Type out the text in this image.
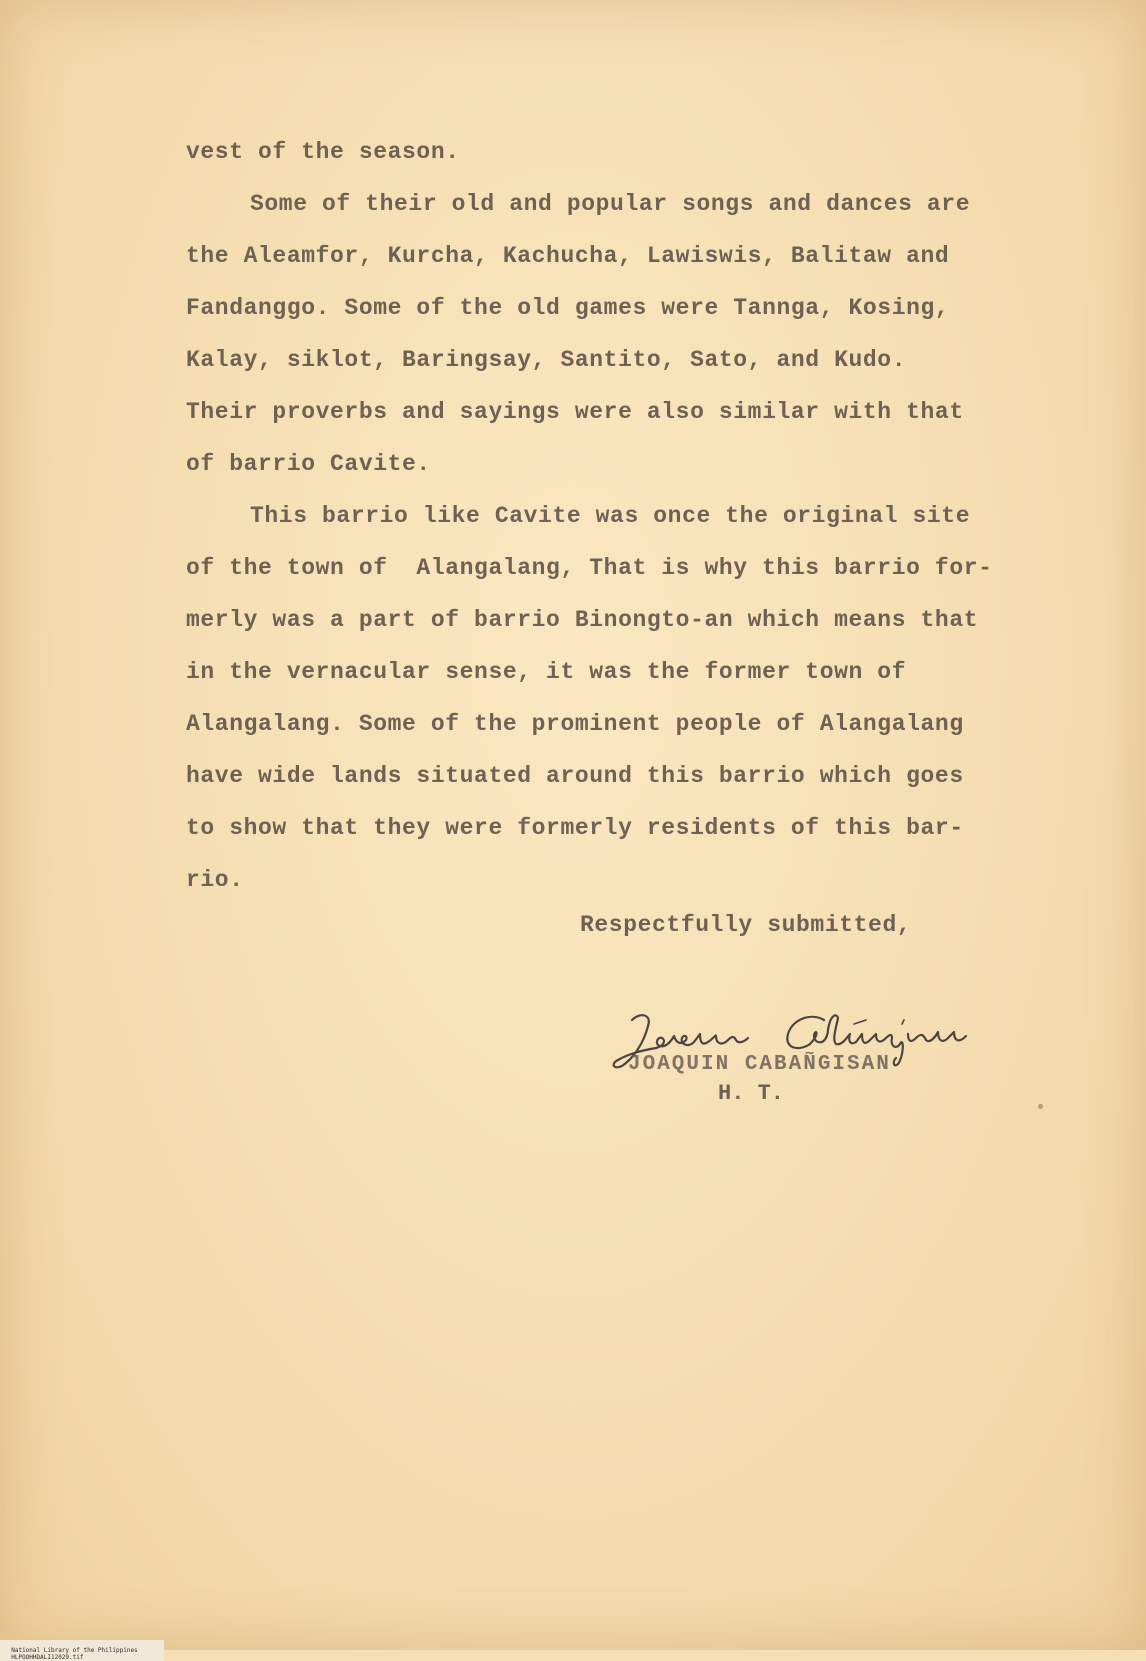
vest of the season.
Some of their old and popular songs and dances are
the Aleamfor, Kurcha, Kachucha, Lawiswis, Balitaw and
Fandanggo. Some of the old games were Tannga, Kosing,
Kalay, siklot, Baringsay, Santito, Sato, and Kudo.
Their proverbs and sayings were also similar with that
of barrio Cavite.
This barrio like Cavite was once the original site
of the town of  Alangalang, That is why this barrio for-
merly was a part of barrio Binongto-an which means that
in the vernacular sense, it was the former town of
Alangalang. Some of the prominent people of Alangalang
have wide lands situated around this barrio which goes
to show that they were formerly residents of this bar-
rio.
Respectfully submitted,
JOAQUIN CABAÑGISAN
H. T.

National Library of the Philippines
HLPOOHHDALI12029.tif
